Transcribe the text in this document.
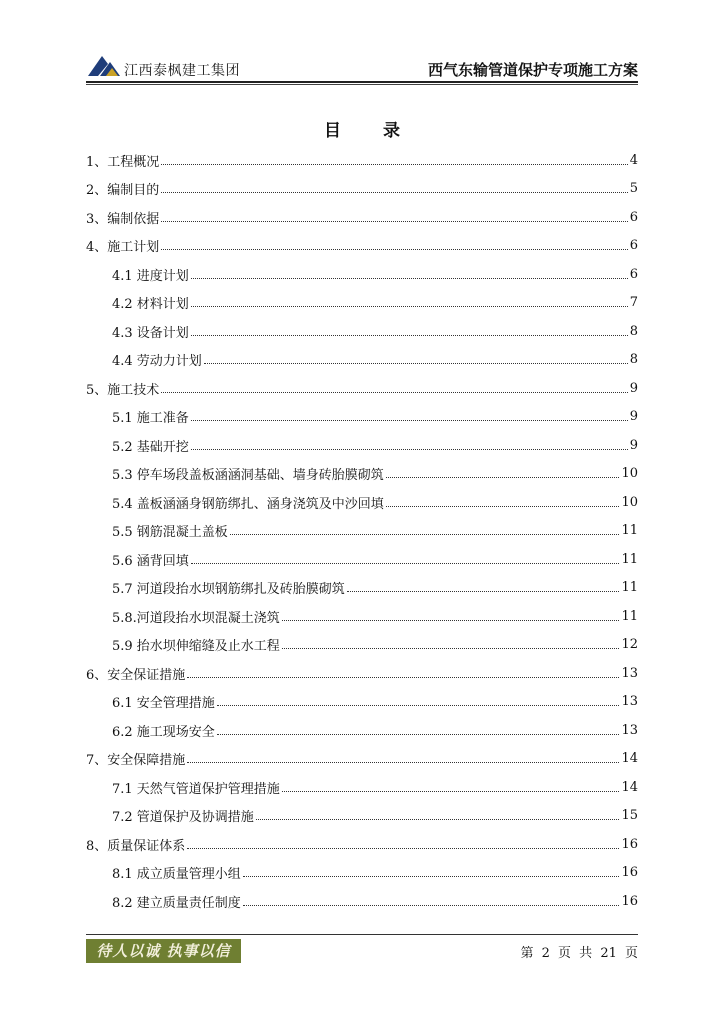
江西泰枫建工集团	西气东输管道保护专项施工方案
目 录
1、工程概况	4
2、编制目的	5
3、编制依据	6
4、施工计划	6
4.1 进度计划	6
4.2 材料计划	7
4.3 设备计划	8
4.4 劳动力计划	8
5、施工技术	9
5.1 施工准备	9
5.2 基础开挖	9
5.3 停车场段盖板涵涵洞基础、墙身砖胎膜砌筑	10
5.4 盖板涵涵身钢筋绑扎、涵身浇筑及中沙回填	10
5.5 钢筋混凝土盖板	11
5.6 涵背回填	11
5.7 河道段抬水坝钢筋绑扎及砖胎膜砌筑	11
5.8.河道段抬水坝混凝土浇筑	11
5.9 抬水坝伸缩缝及止水工程	12
6、安全保证措施	13
6.1 安全管理措施	13
6.2 施工现场安全	13
7、安全保障措施	14
7.1 天然气管道保护管理措施	14
7.2 管道保护及协调措施	15
8、质量保证体系	16
8.1 成立质量管理小组	16
8.2 建立质量责任制度	16
待人以诚 执事以信	第 2 页 共 21 页
